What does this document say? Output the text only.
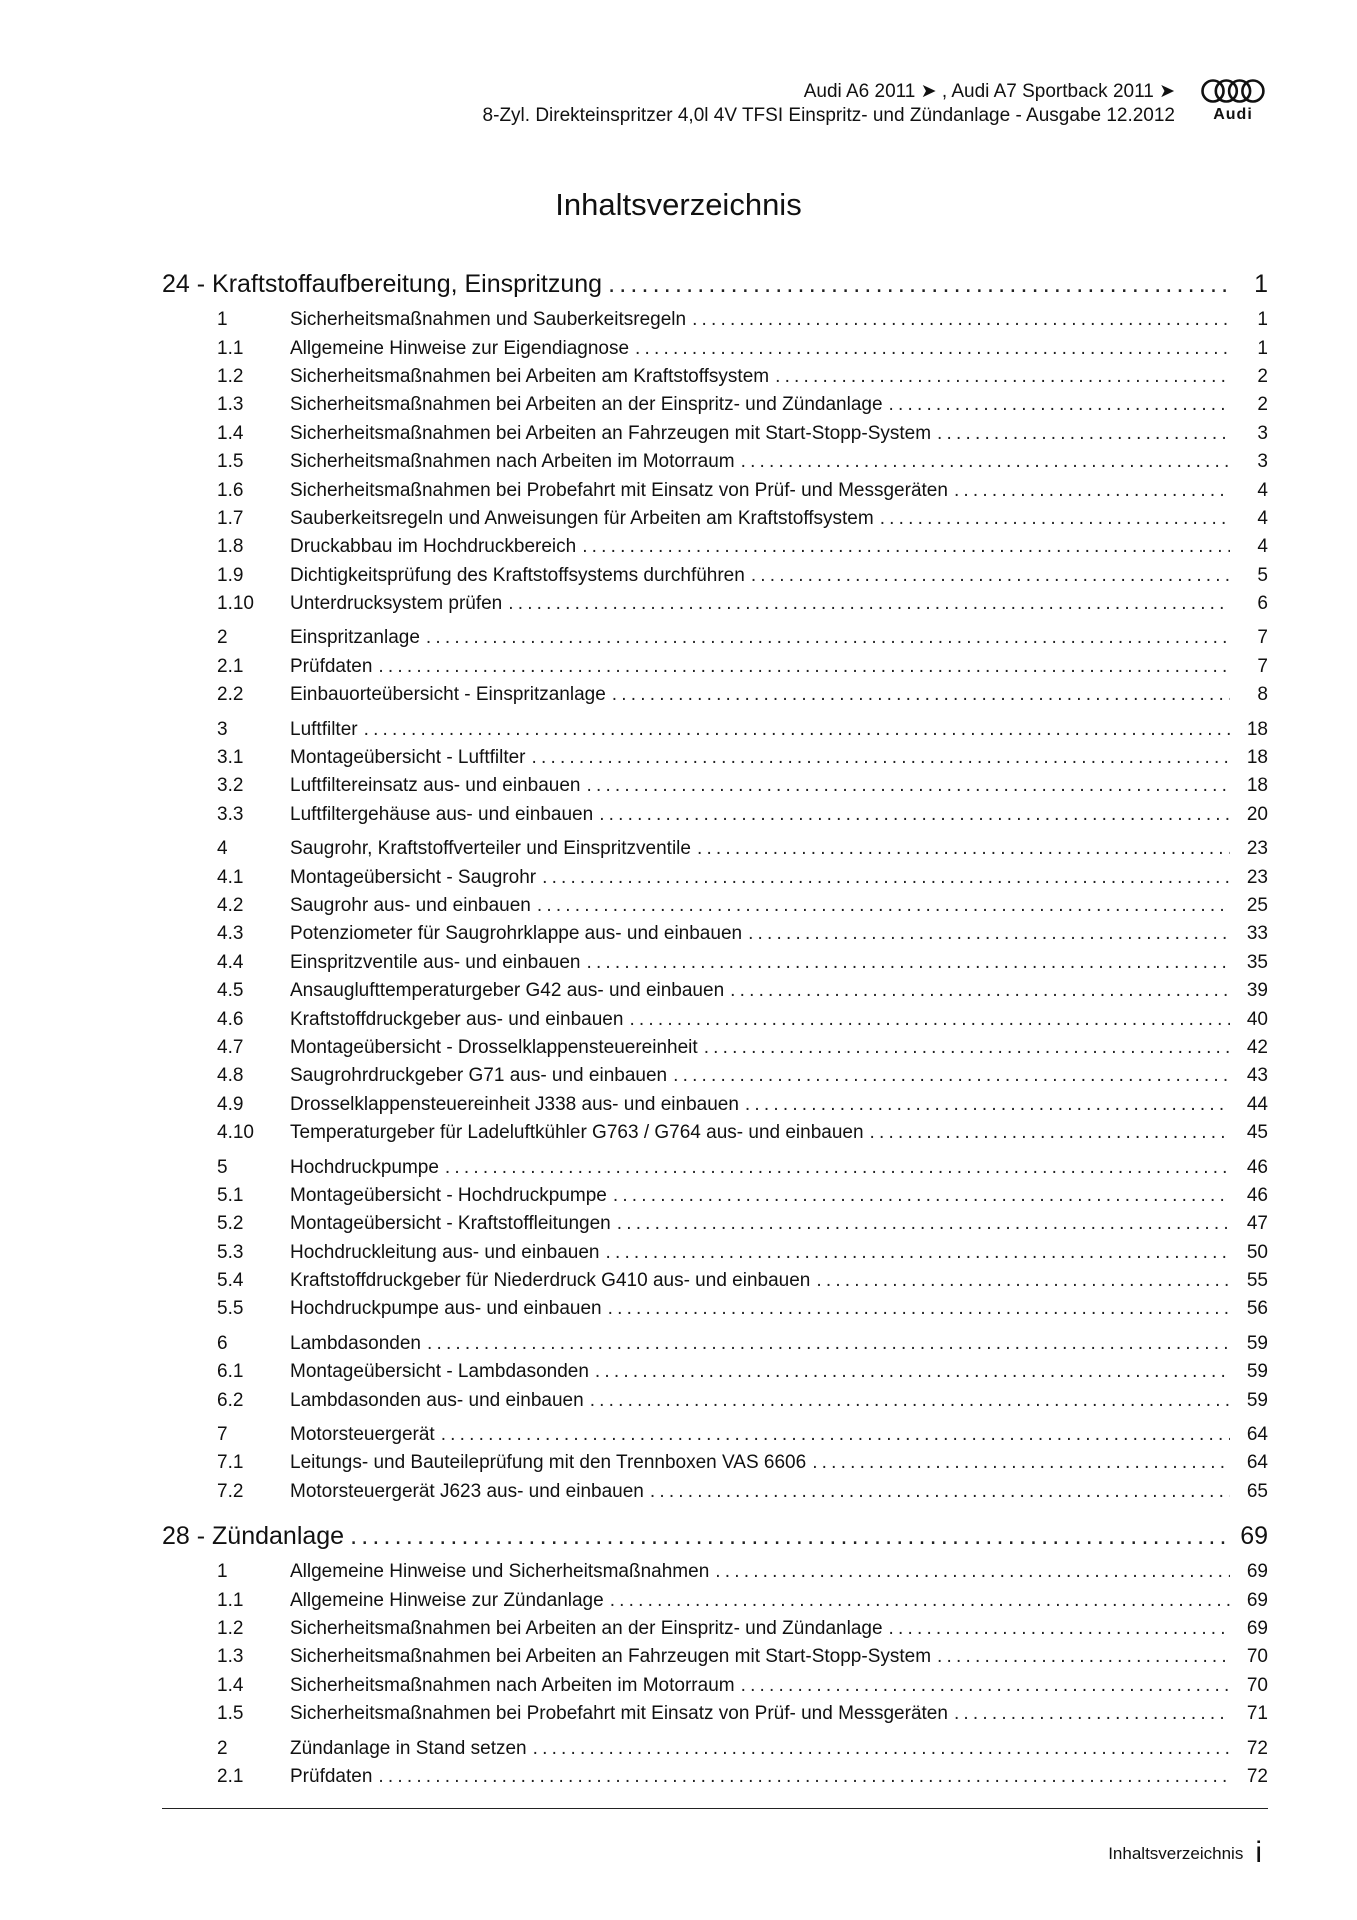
Audi A6 2011 ➤ , Audi A7 Sportback 2011 ➤
8-Zyl. Direkteinspritzer 4,0l 4V TFSI Einspritz- und Zündanlage - Ausgabe 12.2012	Audi
Inhaltsverzeichnis
24 - Kraftstoffaufbereitung, Einspritzung .....	1
1	Sicherheitsmaßnahmen und Sauberkeitsregeln .....	1
1.1	Allgemeine Hinweise zur Eigendiagnose .....	1
1.2	Sicherheitsmaßnahmen bei Arbeiten am Kraftstoffsystem .....	2
1.3	Sicherheitsmaßnahmen bei Arbeiten an der Einspritz- und Zündanlage .....	2
1.4	Sicherheitsmaßnahmen bei Arbeiten an Fahrzeugen mit Start-Stopp-System .....	3
1.5	Sicherheitsmaßnahmen nach Arbeiten im Motorraum .....	3
1.6	Sicherheitsmaßnahmen bei Probefahrt mit Einsatz von Prüf- und Messgeräten .....	4
1.7	Sauberkeitsregeln und Anweisungen für Arbeiten am Kraftstoffsystem .....	4
1.8	Druckabbau im Hochdruckbereich .....	4
1.9	Dichtigkeitsprüfung des Kraftstoffsystems durchführen .....	5
1.10	Unterdrucksystem prüfen .....	6
2	Einspritzanlage .....	7
2.1	Prüfdaten .....	7
2.2	Einbauorteübersicht - Einspritzanlage .....	8
3	Luftfilter .....	18
3.1	Montageübersicht - Luftfilter .....	18
3.2	Luftfiltereinsatz aus- und einbauen .....	18
3.3	Luftfiltergehäuse aus- und einbauen .....	20
4	Saugrohr, Kraftstoffverteiler und Einspritzventile .....	23
4.1	Montageübersicht - Saugrohr .....	23
4.2	Saugrohr aus- und einbauen .....	25
4.3	Potenziometer für Saugrohrklappe aus- und einbauen .....	33
4.4	Einspritzventile aus- und einbauen .....	35
4.5	Ansauglufttemperaturgeber G42 aus- und einbauen .....	39
4.6	Kraftstoffdruckgeber aus- und einbauen .....	40
4.7	Montageübersicht - Drosselklappensteuereinheit .....	42
4.8	Saugrohrdruckgeber G71 aus- und einbauen .....	43
4.9	Drosselklappensteuereinheit J338 aus- und einbauen .....	44
4.10	Temperaturgeber für Ladeluftkühler G763 / G764 aus- und einbauen .....	45
5	Hochdruckpumpe .....	46
5.1	Montageübersicht - Hochdruckpumpe .....	46
5.2	Montageübersicht - Kraftstoffleitungen .....	47
5.3	Hochdruckleitung aus- und einbauen .....	50
5.4	Kraftstoffdruckgeber für Niederdruck G410 aus- und einbauen .....	55
5.5	Hochdruckpumpe aus- und einbauen .....	56
6	Lambdasonden .....	59
6.1	Montageübersicht - Lambdasonden .....	59
6.2	Lambdasonden aus- und einbauen .....	59
7	Motorsteuergerät .....	64
7.1	Leitungs- und Bauteileprüfung mit den Trennboxen VAS 6606 .....	64
7.2	Motorsteuergerät J623 aus- und einbauen .....	65
28 - Zündanlage .....	69
1	Allgemeine Hinweise und Sicherheitsmaßnahmen .....	69
1.1	Allgemeine Hinweise zur Zündanlage .....	69
1.2	Sicherheitsmaßnahmen bei Arbeiten an der Einspritz- und Zündanlage .....	69
1.3	Sicherheitsmaßnahmen bei Arbeiten an Fahrzeugen mit Start-Stopp-System .....	70
1.4	Sicherheitsmaßnahmen nach Arbeiten im Motorraum .....	70
1.5	Sicherheitsmaßnahmen bei Probefahrt mit Einsatz von Prüf- und Messgeräten .....	71
2	Zündanlage in Stand setzen .....	72
2.1	Prüfdaten .....	72
Inhaltsverzeichnis i
